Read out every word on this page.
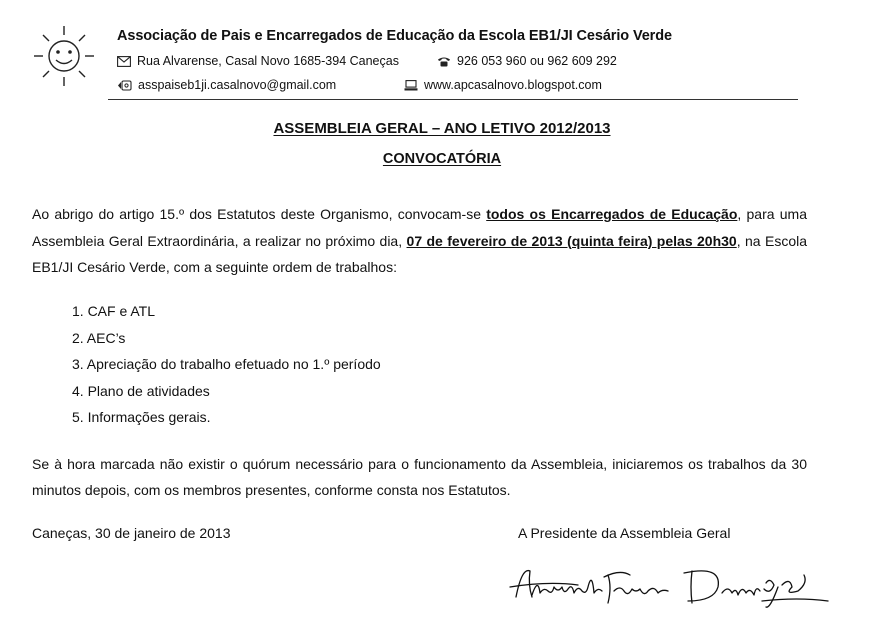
Associação de Pais e Encarregados de Educação da Escola EB1/JI Cesário Verde
Rua Alvarense, Casal Novo 1685-394 Caneças	926 053 960 ou 962 609 292
asspaiseb1ji.casalnovo@gmail.com	www.apcasalnovo.blogspot.com
ASSEMBLEIA GERAL – ANO LETIVO 2012/2013
CONVOCATÓRIA
Ao abrigo do artigo 15.º dos Estatutos deste Organismo, convocam-se todos os Encarregados de Educação, para uma Assembleia Geral Extraordinária, a realizar no próximo dia, 07 de fevereiro de 2013 (quinta feira) pelas 20h30, na Escola EB1/JI Cesário Verde, com a seguinte ordem de trabalhos:
1. CAF e ATL
2. AEC’s
3. Apreciação do trabalho efetuado no 1.º período
4. Plano de atividades
5. Informações gerais.
Se à hora marcada não existir o quórum necessário para o funcionamento da Assembleia, iniciaremos os trabalhos da 30 minutos depois, com os membros presentes, conforme consta nos Estatutos.
Caneças, 30 de janeiro de 2013	A Presidente da Assembleia Geral
